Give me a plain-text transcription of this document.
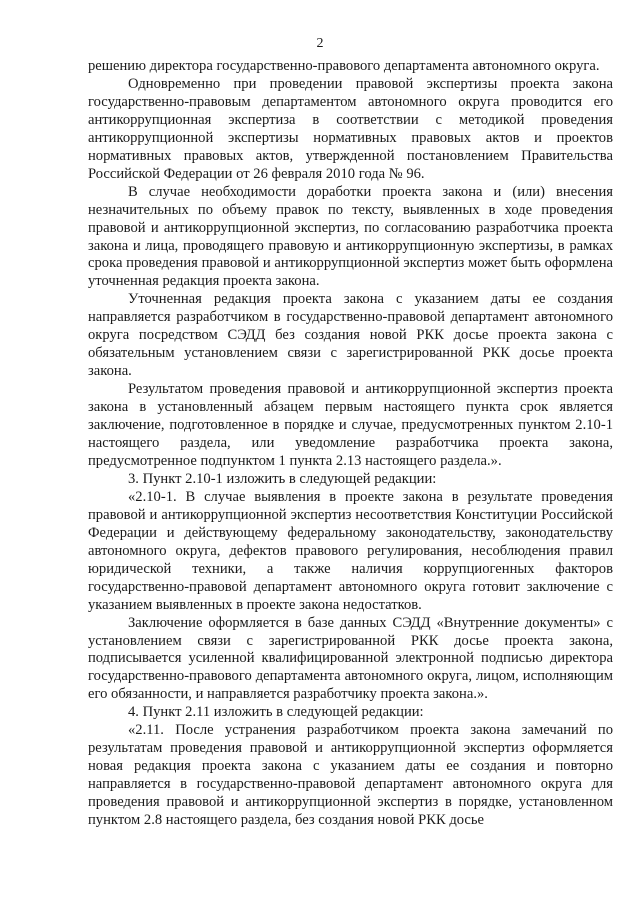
2

решению директора государственно-правового департамента автономного округа.

Одновременно при проведении правовой экспертизы проекта закона государственно-правовым департаментом автономного округа проводится его антикоррупционная экспертиза в соответствии с методикой проведения антикоррупционной экспертизы нормативных правовых актов и проектов нормативных правовых актов, утвержденной постановлением Правительства Российской Федерации от 26 февраля 2010 года № 96.

В случае необходимости доработки проекта закона и (или) внесения незначительных по объему правок по тексту, выявленных в ходе проведения правовой и антикоррупционной экспертиз, по согласованию разработчика проекта закона и лица, проводящего правовую и антикоррупционную экспертизы, в рамках срока проведения правовой и антикоррупционной экспертиз может быть оформлена уточненная редакция проекта закона.

Уточненная редакция проекта закона с указанием даты ее создания направляется разработчиком в государственно-правовой департамент автономного округа посредством СЭДД без создания новой РКК досье проекта закона с обязательным установлением связи с зарегистрированной РКК досье проекта закона.

Результатом проведения правовой и антикоррупционной экспертиз проекта закона в установленный абзацем первым настоящего пункта срок является заключение, подготовленное в порядке и случае, предусмотренных пунктом 2.10-1 настоящего раздела, или уведомление разработчика проекта закона, предусмотренное подпунктом 1 пункта 2.13 настоящего раздела.».

3. Пункт 2.10-1 изложить в следующей редакции:

«2.10-1. В случае выявления в проекте закона в результате проведения правовой и антикоррупционной экспертиз несоответствия Конституции Российской Федерации и действующему федеральному законодательству, законодательству автономного округа, дефектов правового регулирования, несоблюдения правил юридической техники, а также наличия коррупциогенных факторов государственно-правовой департамент автономного округа готовит заключение с указанием выявленных в проекте закона недостатков.

Заключение оформляется в базе данных СЭДД «Внутренние документы» с установлением связи с зарегистрированной РКК досье проекта закона, подписывается усиленной квалифицированной электронной подписью директора государственно-правового департамента автономного округа, лицом, исполняющим его обязанности, и направляется разработчику проекта закона.».

4. Пункт 2.11 изложить в следующей редакции:

«2.11. После устранения разработчиком проекта закона замечаний по результатам проведения правовой и антикоррупционной экспертиз оформляется новая редакция проекта закона с указанием даты ее создания и повторно направляется в государственно-правовой департамент автономного округа для проведения правовой и антикоррупционной экспертиз в порядке, установленном пунктом 2.8 настоящего раздела, без создания новой РКК досье
